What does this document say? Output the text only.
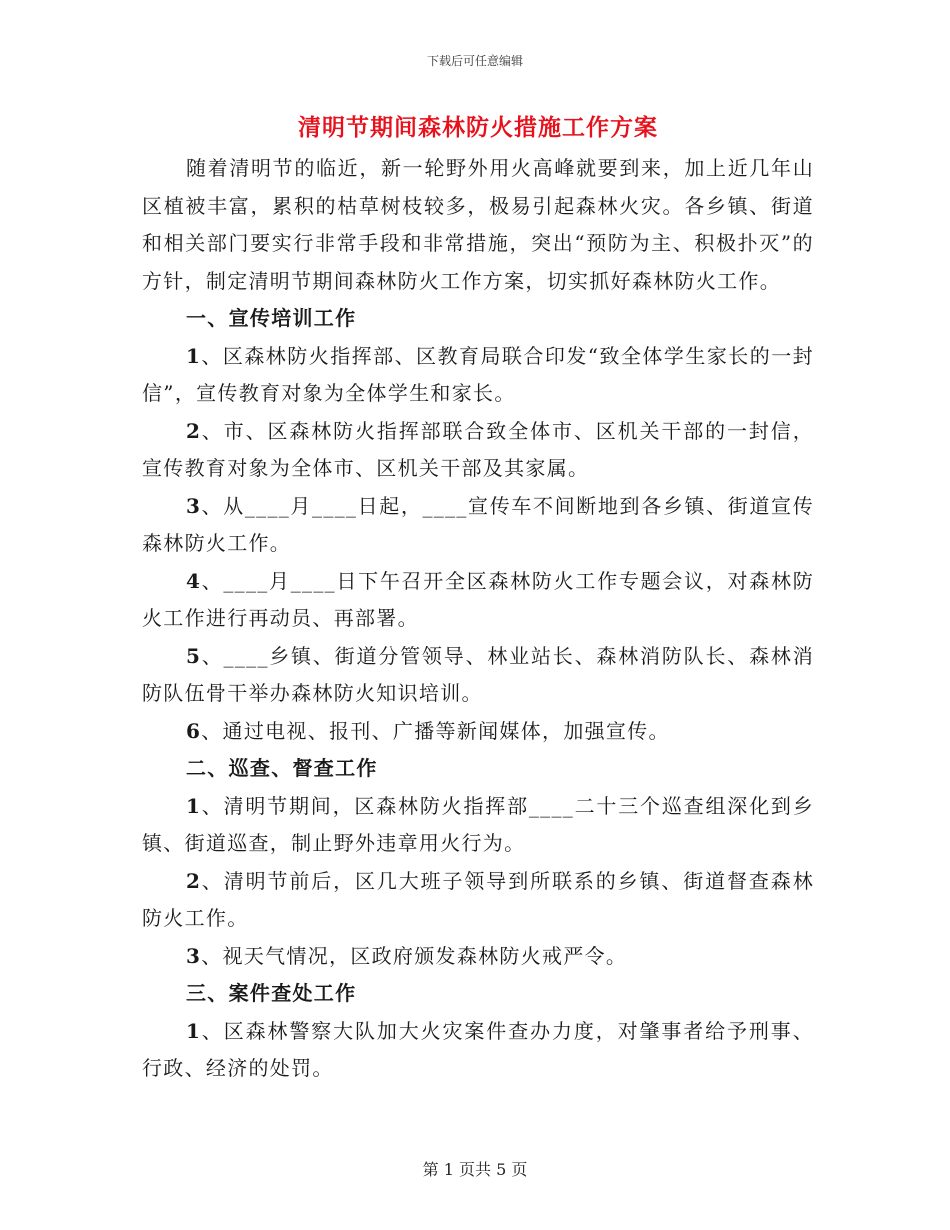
下载后可任意编辑
清明节期间森林防火措施工作方案

随着清明节的临近，新一轮野外用火高峰就要到来，加上近几年山区植被丰富，累积的枯草树枝较多，极易引起森林火灾。各乡镇、街道和相关部门要实行非常手段和非常措施，突出“预防为主、积极扑灭”的方针，制定清明节期间森林防火工作方案，切实抓好森林防火工作。

一、宣传培训工作

1、区森林防火指挥部、区教育局联合印发“致全体学生家长的一封信”，宣传教育对象为全体学生和家长。

2、市、区森林防火指挥部联合致全体市、区机关干部的一封信，宣传教育对象为全体市、区机关干部及其家属。

3、从____月____日起，____宣传车不间断地到各乡镇、街道宣传森林防火工作。

4、____月____日下午召开全区森林防火工作专题会议，对森林防火工作进行再动员、再部署。

5、____乡镇、街道分管领导、林业站长、森林消防队长、森林消防队伍骨干举办森林防火知识培训。

6、通过电视、报刊、广播等新闻媒体，加强宣传。

二、巡查、督查工作

1、清明节期间，区森林防火指挥部____二十三个巡查组深化到乡镇、街道巡查，制止野外违章用火行为。

2、清明节前后，区几大班子领导到所联系的乡镇、街道督查森林防火工作。

3、视天气情况，区政府颁发森林防火戒严令。

三、案件查处工作

1、区森林警察大队加大火灾案件查办力度，对肇事者给予刑事、行政、经济的处罚。

第 1 页共 5 页
